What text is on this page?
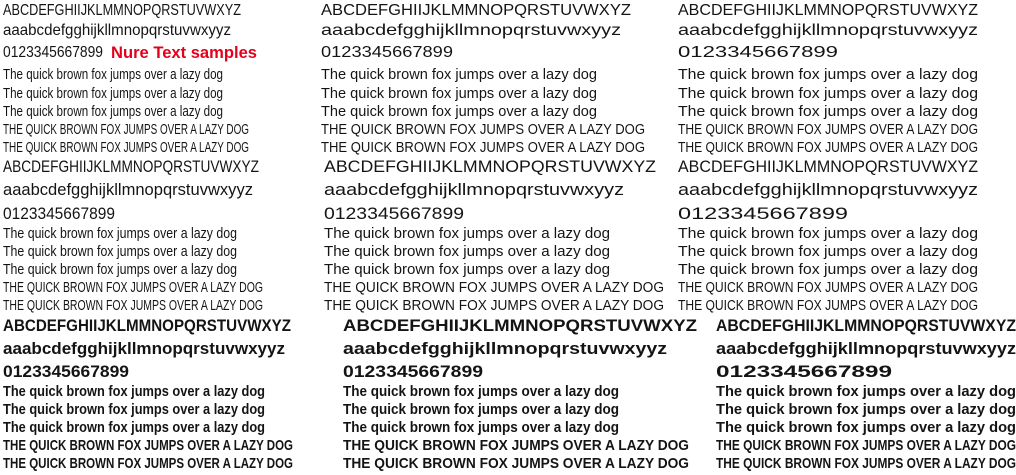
ABCDEFGHIIJKLMMNOPQRSTUVWXYZ
aaabcdefgghijkllmnopqrstuvwxyyz
0123345667899 Nure Text samples
The quick brown fox jumps over a lazy dog
The quick brown fox jumps over a lazy dog
The quick brown fox jumps over a lazy dog
THE QUICK BROWN FOX JUMPS OVER A LAZY DOG
THE QUICK BROWN FOX JUMPS OVER A LAZY DOG
ABCDEFGHIIJKLMMNOPQRSTUVWXYZ
aaabcdefgghijkllmnopqrstuvwxyyz
0123345667899
The quick brown fox jumps over a lazy dog
The quick brown fox jumps over a lazy dog
The quick brown fox jumps over a lazy dog
THE QUICK BROWN FOX JUMPS OVER A LAZY DOG
THE QUICK BROWN FOX JUMPS OVER A LAZY DOG
ABCDEFGHIIJKLMMNOPQRSTUVWXYZ
aaabcdefgghijkllmnopqrstuvwxyyz
0123345667899
The quick brown fox jumps over a lazy dog
The quick brown fox jumps over a lazy dog
The quick brown fox jumps over a lazy dog
THE QUICK BROWN FOX JUMPS OVER A LAZY DOG
THE QUICK BROWN FOX JUMPS OVER A LAZY DOG
ABCDEFGHIIJKLMMNOPQRSTUVWXYZ
aaabcdefgghijkllmnopqrstuvwxyyz
0123345667899
The quick brown fox jumps over a lazy dog
The quick brown fox jumps over a lazy dog
The quick brown fox jumps over a lazy dog
THE QUICK BROWN FOX JUMPS OVER A LAZY DOG
THE QUICK BROWN FOX JUMPS OVER A LAZY DOG
ABCDEFGHIIJKLMMNOPQRSTUVWXYZ
aaabcdefgghijkllmnopqrstuvwxyyz
0123345667899
The quick brown fox jumps over a lazy dog
The quick brown fox jumps over a lazy dog
The quick brown fox jumps over a lazy dog
THE QUICK BROWN FOX JUMPS OVER A LAZY DOG
THE QUICK BROWN FOX JUMPS OVER A LAZY DOG
ABCDEFGHIIJKLMMNOPQRSTUVWXYZ
aaabcdefgghijkllmnopqrstuvwxyyz
0123345667899
The quick brown fox jumps over a lazy dog
The quick brown fox jumps over a lazy dog
The quick brown fox jumps over a lazy dog
THE QUICK BROWN FOX JUMPS OVER A LAZY DOG
THE QUICK BROWN FOX JUMPS OVER A LAZY DOG
ABCDEFGHIIJKLMMNOPQRSTUVWXYZ
aaabcdefgghijkllmnopqrstuvwxyyz
0123345667899
The quick brown fox jumps over a lazy dog
The quick brown fox jumps over a lazy dog
The quick brown fox jumps over a lazy dog
THE QUICK BROWN FOX JUMPS OVER A LAZY DOG
THE QUICK BROWN FOX JUMPS OVER A LAZY DOG
ABCDEFGHIIJKLMMNOPQRSTUVWXYZ
aaabcdefgghijkllmnopqrstuvwxyyz
0123345667899
The quick brown fox jumps over a lazy dog
The quick brown fox jumps over a lazy dog
The quick brown fox jumps over a lazy dog
THE QUICK BROWN FOX JUMPS OVER A LAZY DOG
THE QUICK BROWN FOX JUMPS OVER A LAZY DOG
ABCDEFGHIIJKLMMNOPQRSTUVWXYZ
aaabcdefgghijkllmnopqrstuvwxyyz
0123345667899
The quick brown fox jumps over a lazy dog
The quick brown fox jumps over a lazy dog
The quick brown fox jumps over a lazy dog
THE QUICK BROWN FOX JUMPS OVER A LAZY DOG
THE QUICK BROWN FOX JUMPS OVER A LAZY DOG
